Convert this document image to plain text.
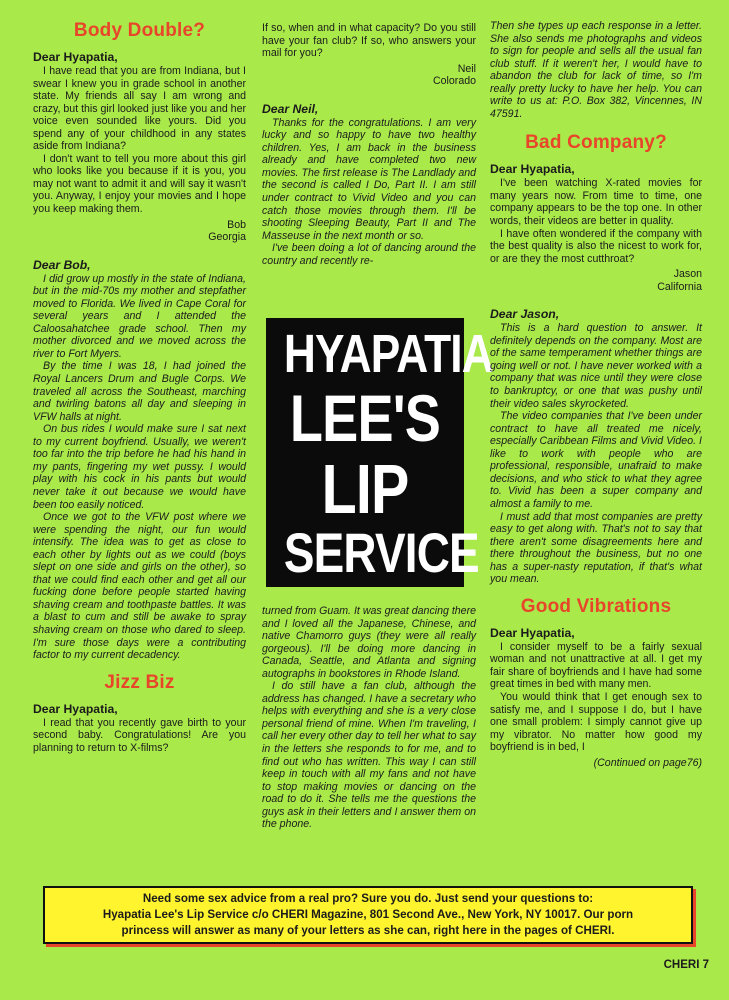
Body Double?
Dear Hyapatia,

I have read that you are from Indiana, but I swear I knew you in grade school in another state. My friends all say I am wrong and crazy, but this girl looked just like you and her voice even sounded like yours. Did you spend any of your childhood in any states aside from Indiana?

I don't want to tell you more about this girl who looks like you because if it is you, you may not want to admit it and will say it wasn't you. Anyway, I enjoy your movies and I hope you keep making them.

Bob
Georgia
Dear Bob,

I did grow up mostly in the state of Indiana, but in the mid-70s my mother and stepfather moved to Florida. We lived in Cape Coral for several years and I attended the Caloosahatchee grade school. Then my mother divorced and we moved across the river to Fort Myers.

By the time I was 18, I had joined the Royal Lancers Drum and Bugle Corps. We traveled all across the Southeast, marching and twirling batons all day and sleeping in VFW halls at night.

On bus rides I would make sure I sat next to my current boyfriend. Usually, we weren't too far into the trip before he had his hand in my pants, fingering my wet pussy. I would play with his cock in his pants but would never take it out because we would have been too easily noticed.

Once we got to the VFW post where we were spending the night, our fun would intensify. The idea was to get as close to each other by lights out as we could (boys slept on one side and girls on the other), so that we could find each other and get all our fucking done before people started having shaving cream and toothpaste battles. It was a blast to cum and still be awake to spray shaving cream on those who dared to sleep. I'm sure those days were a contributing factor to my current decadency.

Jizz Biz
Dear Hyapatia,

I read that you recently gave birth to your second baby. Congratulations! Are you planning to return to X-films?

If so, when and in what capacity? Do you still have your fan club? If so, who answers your mail for you?

Neil
Colorado
Dear Neil,

Thanks for the congratulations. I am very lucky and so happy to have two healthy children. Yes, I am back in the business already and have completed two new movies. The first release is The Landlady and the second is called I Do, Part II. I am still under contract to Vivid Video and you can catch those movies through them. I'll be shooting Sleeping Beauty, Part II and The Masseuse in the next month or so.

I've been doing a lot of dancing around the country and recently re-

HYAPATIA
LEE'S
LIP
SERVICE

turned from Guam. It was great dancing there and I loved all the Japanese, Chinese, and native Chamorro guys (they were all really gorgeous). I'll be doing more dancing in Canada, Seattle, and Atlanta and signing autographs in bookstores in Rhode Island.

I do still have a fan club, although the address has changed. I have a secretary who helps with everything and she is a very close personal friend of mine. When I'm traveling, I call her every other day to tell her what to say in the letters she responds to for me, and to find out who has written. This way I can still keep in touch with all my fans and not have to stop making movies or dancing on the road to do it. She tells me the questions the guys ask in their letters and I answer them on the phone.

Then she types up each response in a letter. She also sends me photographs and videos to sign for people and sells all the usual fan club stuff. If it weren't her, I would have to abandon the club for lack of time, so I'm really pretty lucky to have her help. You can write to us at: P.O. Box 382, Vincennes, IN 47591.

Bad Company?
Dear Hyapatia,

I've been watching X-rated movies for many years now. From time to time, one company appears to be the top one. In other words, their videos are better in quality.

I have often wondered if the company with the best quality is also the nicest to work for, or are they the most cutthroat?

Jason
California
Dear Jason,

This is a hard question to answer. It definitely depends on the company. Most are of the same temperament whether things are going well or not. I have never worked with a company that was nice until they were close to bankruptcy, or one that was pushy until their video sales skyrocketed.

The video companies that I've been under contract to have all treated me nicely, especially Caribbean Films and Vivid Video. I like to work with people who are professional, responsible, unafraid to make decisions, and who stick to what they agree to. Vivid has been a super company and almost a family to me.

I must add that most companies are pretty easy to get along with. That's not to say that there aren't some disagreements here and there throughout the business, but no one has a super-nasty reputation, if that's what you mean.

Good Vibrations
Dear Hyapatia,

I consider myself to be a fairly sexual woman and not unattractive at all. I get my fair share of boyfriends and I have had some great times in bed with many men.

You would think that I get enough sex to satisfy me, and I suppose I do, but I have one small problem: I simply cannot give up my vibrator. No matter how good my boyfriend is in bed, I

(Continued on page76)
Need some sex advice from a real pro? Sure you do. Just send your questions to:
Hyapatia Lee's Lip Service c/o CHERI Magazine, 801 Second Ave., New York, NY 10017. Our porn
princess will answer as many of your letters as she can, right here in the pages of CHERI.
CHERI 7
